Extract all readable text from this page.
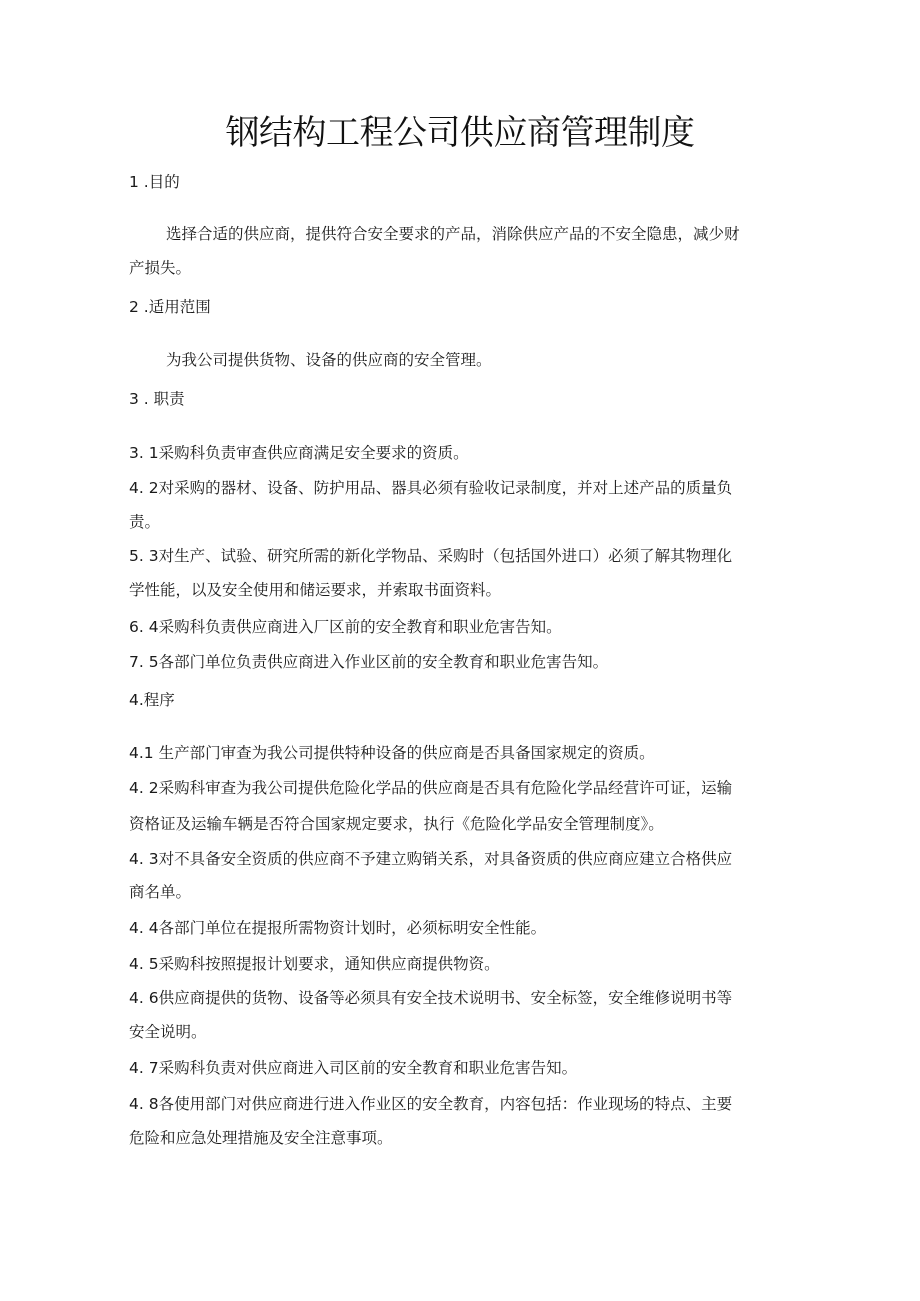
钢结构工程公司供应商管理制度

1 .目的

选择合适的供应商，提供符合安全要求的产品，消除供应产品的不安全隐患，减少财

产损失。

2 .适用范围

为我公司提供货物、设备的供应商的安全管理。

3 . 职责

3. 1采购科负责审查供应商满足安全要求的资质。

4. 2对采购的器材、设备、防护用品、器具必须有验收记录制度，并对上述产品的质量负

责。

5. 3对生产、试验、研究所需的新化学物品、采购时（包括国外进口）必须了解其物理化

学性能，以及安全使用和储运要求，并索取书面资料。

6. 4采购科负责供应商进入厂区前的安全教育和职业危害告知。

7. 5各部门单位负责供应商进入作业区前的安全教育和职业危害告知。

4.程序

4.1 生产部门审查为我公司提供特种设备的供应商是否具备国家规定的资质。

4. 2采购科审查为我公司提供危险化学品的供应商是否具有危险化学品经营许可证，运输

资格证及运输车辆是否符合国家规定要求，执行《危险化学品安全管理制度》。

4. 3对不具备安全资质的供应商不予建立购销关系，对具备资质的供应商应建立合格供应

商名单。

4. 4各部门单位在提报所需物资计划时，必须标明安全性能。

4. 5采购科按照提报计划要求，通知供应商提供物资。

4. 6供应商提供的货物、设备等必须具有安全技术说明书、安全标签，安全维修说明书等

安全说明。

4. 7采购科负责对供应商进入司区前的安全教育和职业危害告知。

4. 8各使用部门对供应商进行进入作业区的安全教育，内容包括：作业现场的特点、主要

危险和应急处理措施及安全注意事项。
